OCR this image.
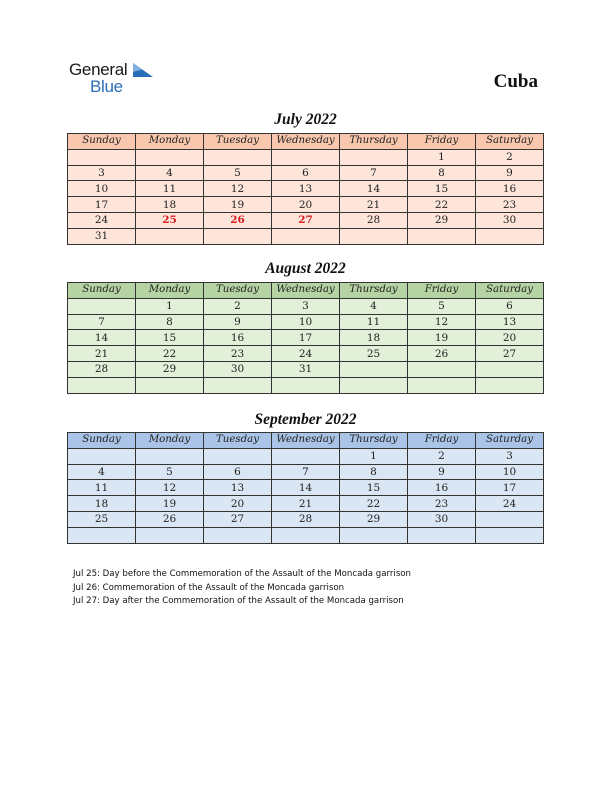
General
Blue	Cuba
July 2022
Sunday	Monday	Tuesday	Wednesday	Thursday	Friday	Saturday
					1	2
3	4	5	6	7	8	9
10	11	12	13	14	15	16
17	18	19	20	21	22	23
24	25	26	27	28	29	30
31						
August 2022
Sunday	Monday	Tuesday	Wednesday	Thursday	Friday	Saturday
	1	2	3	4	5	6
7	8	9	10	11	12	13
14	15	16	17	18	19	20
21	22	23	24	25	26	27
28	29	30	31			

September 2022
Sunday	Monday	Tuesday	Wednesday	Thursday	Friday	Saturday
				1	2	3
4	5	6	7	8	9	10
11	12	13	14	15	16	17
18	19	20	21	22	23	24
25	26	27	28	29	30	

Jul 25: Day before the Commemoration of the Assault of the Moncada garrison

Jul 26: Commemoration of the Assault of the Moncada garrison

Jul 27: Day after the Commemoration of the Assault of the Moncada garrison
